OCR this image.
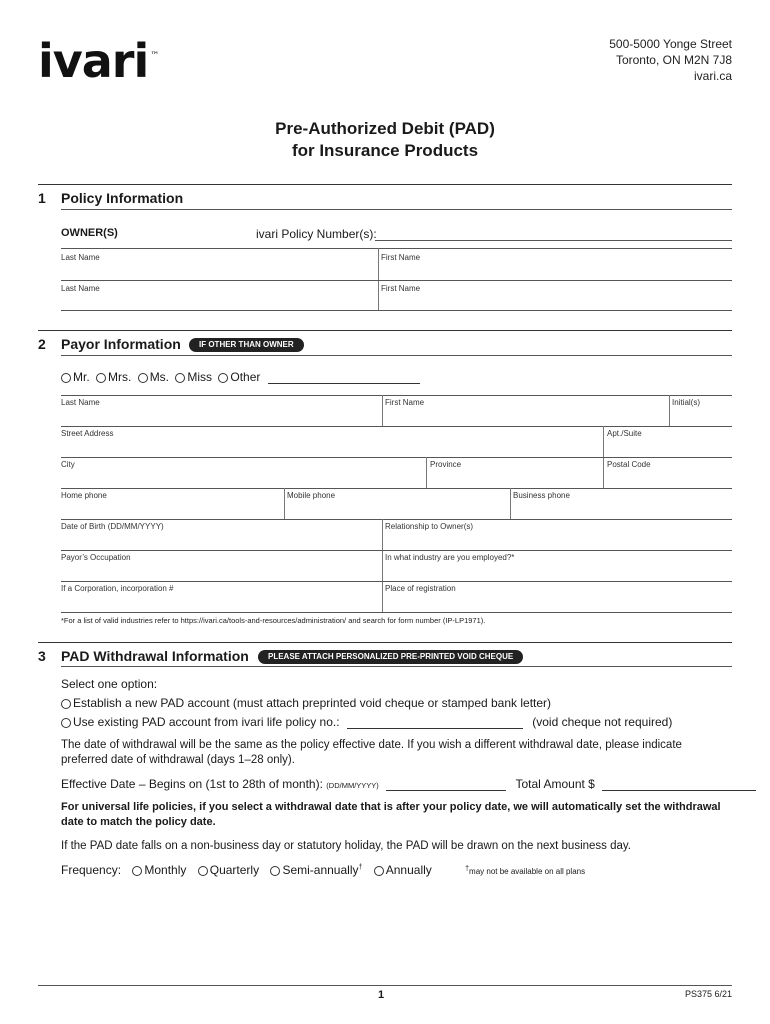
ivari ™
500-5000 Yonge Street
Toronto, ON M2N 7J8
ivari.ca
Pre-Authorized Debit (PAD)
for Insurance Products
1 Policy Information
OWNER(S)	ivari Policy Number(s):
Last Name	First Name
Last Name	First Name
2 Payor Information	IF OTHER THAN OWNER
Mr. Mrs. Ms. Miss Other
Last Name	First Name	Initial(s)
Street Address	Apt./Suite
City	Province	Postal Code
Home phone	Mobile phone	Business phone
Date of Birth (DD/MM/YYYY)	Relationship to Owner(s)
Payor’s Occupation	In what industry are you employed?*
If a Corporation, incorporation #	Place of registration
*For a list of valid industries refer to https://ivari.ca/tools-and-resources/administration/ and search for form number (IP-LP1971).
3 PAD Withdrawal Information	PLEASE ATTACH PERSONALIZED PRE-PRINTED VOID CHEQUE
Select one option:
Establish a new PAD account (must attach preprinted void cheque or stamped bank letter)
Use existing PAD account from ivari life policy no.:	(void cheque not required)
The date of withdrawal will be the same as the policy effective date. If you wish a different withdrawal date, please indicate preferred date of withdrawal (days 1–28 only).
Effective Date – Begins on (1st to 28th of month): (DD/MM/YYYY)	Total Amount $
For universal life policies, if you select a withdrawal date that is after your policy date, we will automatically set the withdrawal date to match the policy date.
If the PAD date falls on a non-business day or statutory holiday, the PAD will be drawn on the next business day.
Frequency: Monthly Quarterly Semi-annually† Annually	†may not be available on all plans
1	PS375 6/21
